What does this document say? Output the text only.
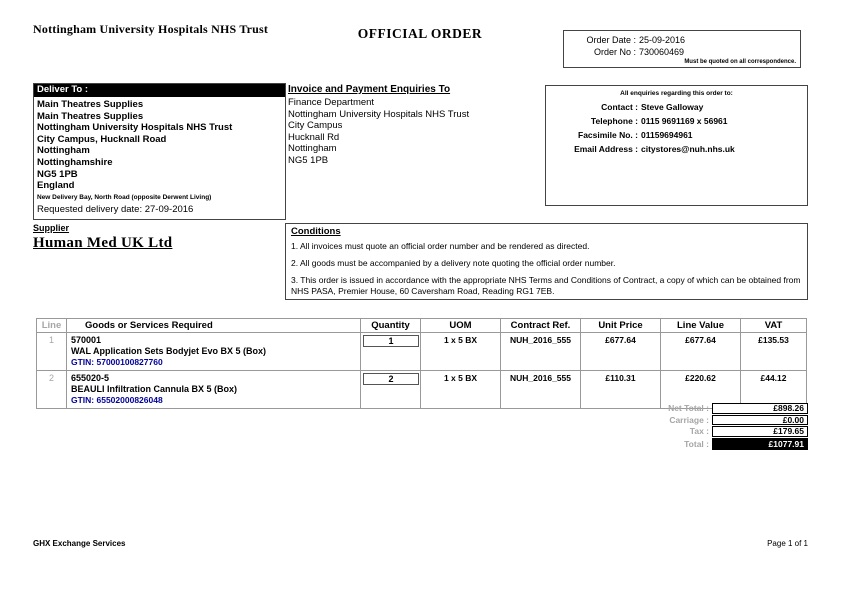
Nottingham University Hospitals NHS Trust	OFFICIAL ORDER	Order Date : 25-09-2016
Order No : 730060469
Must be quoted on all correspondence.
Deliver To :
Main Theatres Supplies
Main Theatres Supplies
Nottingham University Hospitals NHS Trust
City Campus, Hucknall Road
Nottingham
Nottinghamshire
NG5 1PB
England
New Delivery Bay, North Road (opposite Derwent Living)
Requested delivery date: 27-09-2016
Invoice and Payment Enquiries To
Finance Department
Nottingham University Hospitals NHS Trust
City Campus
Hucknall Rd
Nottingham
NG5 1PB
All enquiries regarding this order to:
Contact : Steve Galloway
Telephone : 0115 9691169 x 56961
Facsimile No. : 01159694961
Email Address : citystores@nuh.nhs.uk
Supplier
Human Med UK Ltd
Conditions
1. All invoices must quote an official order number and be rendered as directed.
2. All goods must be accompanied by a delivery note quoting the official order number.
3. This order is issued in accordance with the appropriate NHS Terms and Conditions of Contract, a copy of which can be obtained from NHS PASA, Premier House, 60 Caversham Road, Reading RG1 7EB.
Line	Goods or Services Required	Quantity	UOM	Contract Ref.	Unit Price	Line Value	VAT
1	570001
WAL Application Sets Bodyjet Evo BX 5 (Box)
GTIN: 57000100827760	1	1 x 5 BX	NUH_2016_555	£677.64	£677.64	£135.53
2	655020-5
BEAULI Infiltration Cannula BX 5 (Box)
GTIN: 65502000826048	2	1 x 5 BX	NUH_2016_555	£110.31	£220.62	£44.12
Net Total :	£898.26
Carriage :	£0.00
Tax :	£179.65
Total :	£1077.91
GHX Exchange Services	Page 1 of 1
